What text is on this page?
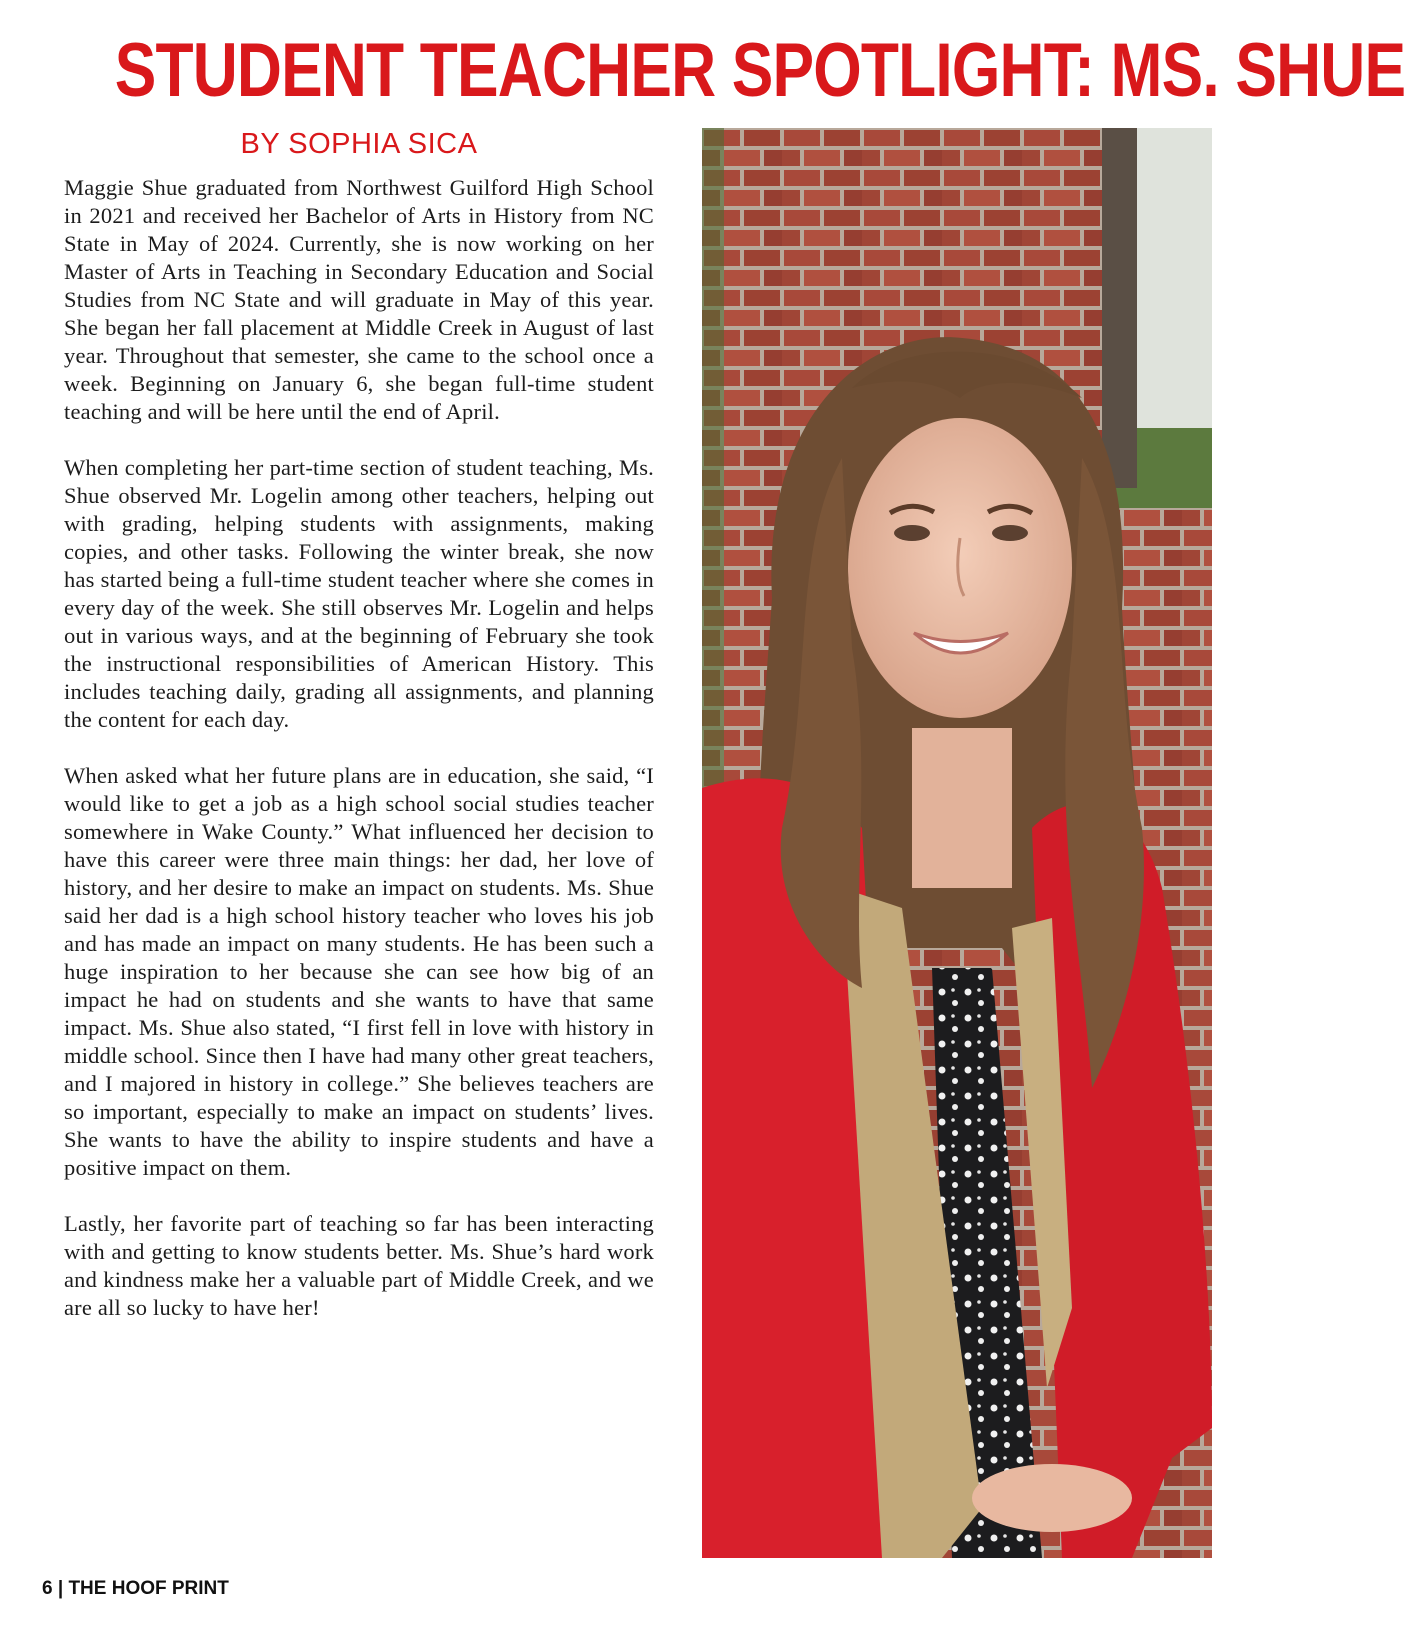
STUDENT TEACHER SPOTLIGHT: MS. SHUE
BY SOPHIA SICA

Maggie Shue graduated from Northwest Guilford High School in 2021 and received her Bachelor of Arts in History from NC State in May of 2024. Currently, she is now working on her Master of Arts in Teaching in Secondary Education and Social Studies from NC State and will graduate in May of this year. She began her fall placement at Middle Creek in August of last year. Throughout that semester, she came to the school once a week. Beginning on January 6, she began full-time student teaching and will be here until the end of April.

When completing her part-time section of student teaching, Ms. Shue observed Mr. Logelin among other teachers, helping out with grading, helping students with assignments, making copies, and other tasks. Following the winter break, she now has started being a full-time student teacher where she comes in every day of the week. She still observes Mr. Logelin and helps out in various ways, and at the beginning of February she took the instructional responsibilities of American History. This includes teaching daily, grading all assignments, and planning the content for each day.

When asked what her future plans are in education, she said, “I would like to get a job as a high school social studies teacher somewhere in Wake County.” What influenced her decision to have this career were three main things: her dad, her love of history, and her desire to make an impact on students. Ms. Shue said her dad is a high school history teacher who loves his job and has made an impact on many students. He has been such a huge inspiration to her because she can see how big of an impact he had on students and she wants to have that same impact. Ms. Shue also stated, “I first fell in love with history in middle school. Since then I have had many other great teachers, and I majored in history in college.” She believes teachers are so important, especially to make an impact on students’ lives. She wants to have the ability to inspire students and have a positive impact on them.

Lastly, her favorite part of teaching so far has been interacting with and getting to know students better. Ms. Shue’s hard work and kindness make her a valuable part of Middle Creek, and we are all so lucky to have her!

6 | THE HOOF PRINT
